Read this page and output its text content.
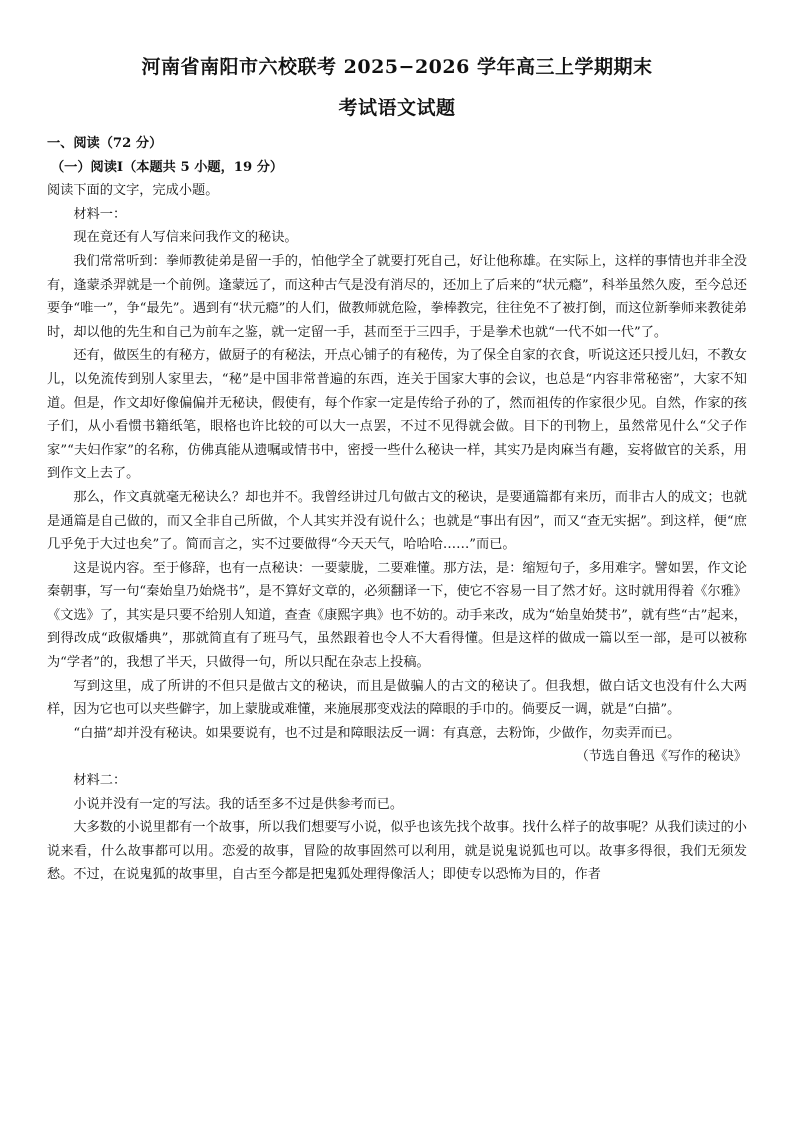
河南省南阳市六校联考 2025−2026 学年高三上学期期末
考试语文试题

一、阅读（72 分）

（一）阅读Ⅰ（本题共 5 小题，19 分）

阅读下面的文字，完成小题。

材料一：

现在竟还有人写信来问我作文的秘诀。

我们常常听到：拳师教徒弟是留一手的，怕他学全了就要打死自己，好让他称雄。在实际上，这样的事情也并非全没有，逢蒙杀羿就是一个前例。逢蒙远了，而这种古气是没有消尽的，还加上了后来的“状元瘾”，科举虽然久废，至今总还要争“唯一”，争“最先”。遇到有“状元瘾”的人们，做教师就危险，拳棒教完，往往免不了被打倒，而这位新拳师来教徒弟时，却以他的先生和自己为前车之鉴，就一定留一手，甚而至于三四手，于是拳术也就“一代不如一代”了。

还有，做医生的有秘方，做厨子的有秘法，开点心铺子的有秘传，为了保全自家的衣食，听说这还只授儿妇，不教女儿，以免流传到别人家里去，“秘”是中国非常普遍的东西，连关于国家大事的会议，也总是“内容非常秘密”，大家不知道。但是，作文却好像偏偏并无秘诀，假使有，每个作家一定是传给子孙的了，然而祖传的作家很少见。自然，作家的孩子们，从小看惯书籍纸笔，眼格也许比较的可以大一点罢，不过不见得就会做。目下的刊物上，虽然常见什么“父子作家”“夫妇作家”的名称，仿佛真能从遗嘱或情书中，密授一些什么秘诀一样，其实乃是肉麻当有趣，妄将做官的关系，用到作文上去了。

那么，作文真就毫无秘诀么？却也并不。我曾经讲过几句做古文的秘诀，是要通篇都有来历，而非古人的成文；也就是通篇是自己做的，而又全非自己所做，个人其实并没有说什么；也就是“事出有因”，而又“查无实据”。到这样，便“庶几乎免于大过也矣”了。简而言之，实不过要做得“今天天气，哈哈哈……”而已。

这是说内容。至于修辞，也有一点秘诀：一要蒙胧，二要难懂。那方法，是：缩短句子，多用难字。譬如罢，作文论秦朝事，写一句“秦始皇乃始烧书”，是不算好文章的，必须翻译一下，使它不容易一目了然才好。这时就用得着《尔雅》《文选》了，其实是只要不给别人知道，查查《康熙字典》也不妨的。动手来改，成为“始皇始焚书”，就有些“古”起来，到得改成“政俶燔典”，那就简直有了班马气，虽然跟着也令人不大看得懂。但是这样的做成一篇以至一部，是可以被称为“学者”的，我想了半天，只做得一句，所以只配在杂志上投稿。

写到这里，成了所讲的不但只是做古文的秘诀，而且是做骗人的古文的秘诀了。但我想，做白话文也没有什么大两样，因为它也可以夹些僻字，加上蒙胧或难懂，来施展那变戏法的障眼的手巾的。倘要反一调，就是“白描”。

“白描”却并没有秘诀。如果要说有，也不过是和障眼法反一调：有真意，去粉饰，少做作，勿卖弄而已。

（节选自鲁迅《写作的秘诀》

材料二：

小说并没有一定的写法。我的话至多不过是供参考而已。

大多数的小说里都有一个故事，所以我们想要写小说，似乎也该先找个故事。找什么样子的故事呢？从我们读过的小说来看，什么故事都可以用。恋爱的故事，冒险的故事固然可以利用，就是说鬼说狐也可以。故事多得很，我们无须发愁。不过，在说鬼狐的故事里，自古至今都是把鬼狐处理得像活人；即使专以恐怖为目的，作者
